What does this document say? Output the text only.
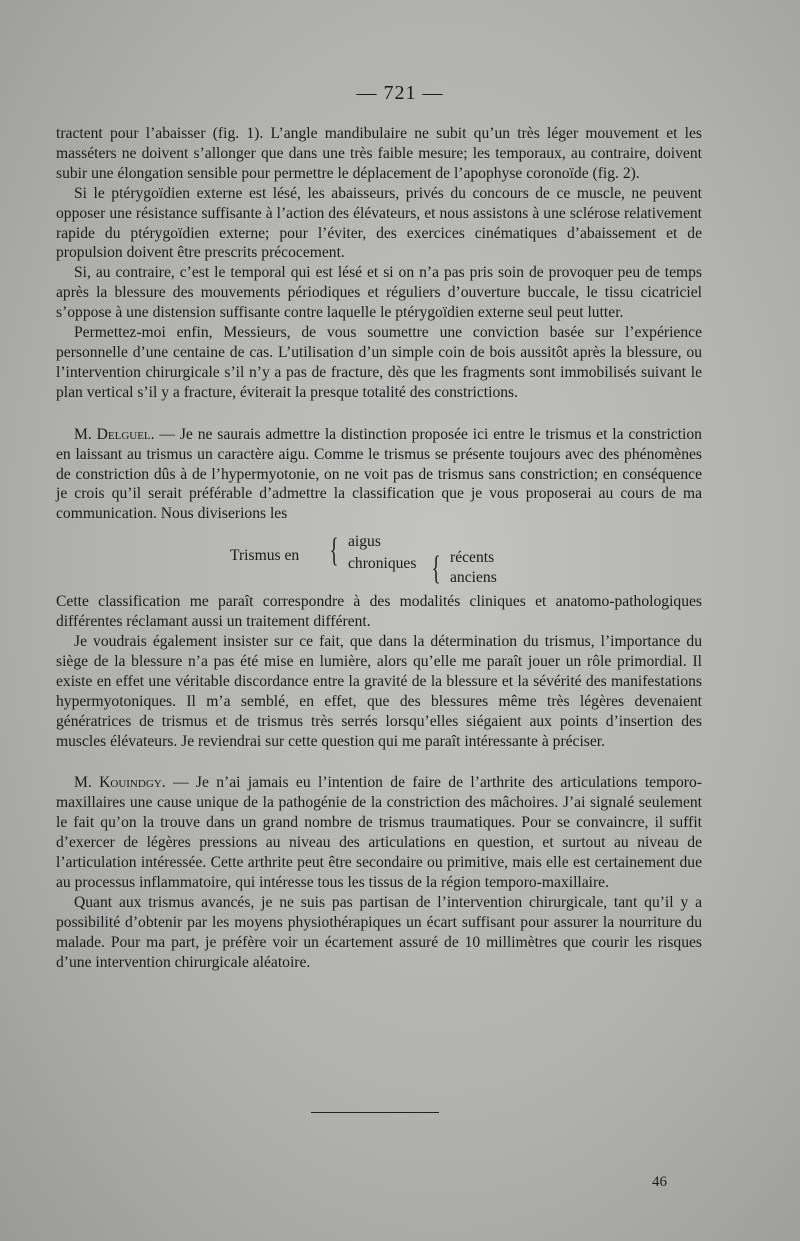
— 721 —

tractent pour l’abaisser (fig. 1). L’angle mandibulaire ne subit qu’un très léger mouvement et les masséters ne doivent s’allonger que dans une très faible mesure; les temporaux, au contraire, doivent subir une élongation sensible pour permettre le déplacement de l’apophyse coronoïde (fig. 2).

Si le ptérygoïdien externe est lésé, les abaisseurs, privés du concours de ce muscle, ne peuvent opposer une résistance suffisante à l’action des élévateurs, et nous assistons à une sclérose relativement rapide du ptérygoïdien externe; pour l’éviter, des exercices cinématiques d’abaissement et de propulsion doivent être prescrits précocement.

Si, au contraire, c’est le temporal qui est lésé et si on n’a pas pris soin de provoquer peu de temps après la blessure des mouvements périodiques et réguliers d’ouverture buccale, le tissu cicatriciel s’oppose à une distension suffisante contre laquelle le ptérygoïdien externe seul peut lutter.

Permettez-moi enfin, Messieurs, de vous soumettre une conviction basée sur l’expérience personnelle d’une centaine de cas. L’utilisation d’un simple coin de bois aussitôt après la blessure, ou l’intervention chirurgicale s’il n’y a pas de fracture, dès que les fragments sont immobilisés suivant le plan vertical s’il y a fracture, éviterait la presque totalité des constrictions.

M. Delguel. — Je ne saurais admettre la distinction proposée ici entre le trismus et la constriction en laissant au trismus un caractère aigu. Comme le trismus se présente toujours avec des phénomènes de constriction dûs à de l’hypermyotonie, on ne voit pas de trismus sans constriction; en conséquence je crois qu’il serait préférable d’admettre la classification que je vous proposerai au cours de ma communication. Nous diviserions les

Trismus en { aigus
chroniques { récents
anciens

Cette classification me paraît correspondre à des modalités cliniques et anatomo-pathologiques différentes réclamant aussi un traitement différent.

Je voudrais également insister sur ce fait, que dans la détermination du trismus, l’importance du siège de la blessure n’a pas été mise en lumière, alors qu’elle me paraît jouer un rôle primordial. Il existe en effet une véritable discordance entre la gravité de la blessure et la sévérité des manifestations hypermyotoniques. Il m’a semblé, en effet, que des blessures même très légères devenaient génératrices de trismus et de trismus très serrés lorsqu’elles siégaient aux points d’insertion des muscles élévateurs. Je reviendrai sur cette question qui me paraît intéressante à préciser.

M. Kouindgy. — Je n’ai jamais eu l’intention de faire de l’arthrite des articulations temporo-maxillaires une cause unique de la pathogénie de la constriction des mâchoires. J’ai signalé seulement le fait qu’on la trouve dans un grand nombre de trismus traumatiques. Pour se convaincre, il suffit d’exercer de légères pressions au niveau des articulations en question, et surtout au niveau de l’articulation intéressée. Cette arthrite peut être secondaire ou primitive, mais elle est certainement due au processus inflammatoire, qui intéresse tous les tissus de la région temporo-maxillaire.

Quant aux trismus avancés, je ne suis pas partisan de l’intervention chirurgicale, tant qu’il y a possibilité d’obtenir par les moyens physiothérapiques un écart suffisant pour assurer la nourriture du malade. Pour ma part, je préfère voir un écartement assuré de 10 millimètres que courir les risques d’une intervention chirurgicale aléatoire.

46
